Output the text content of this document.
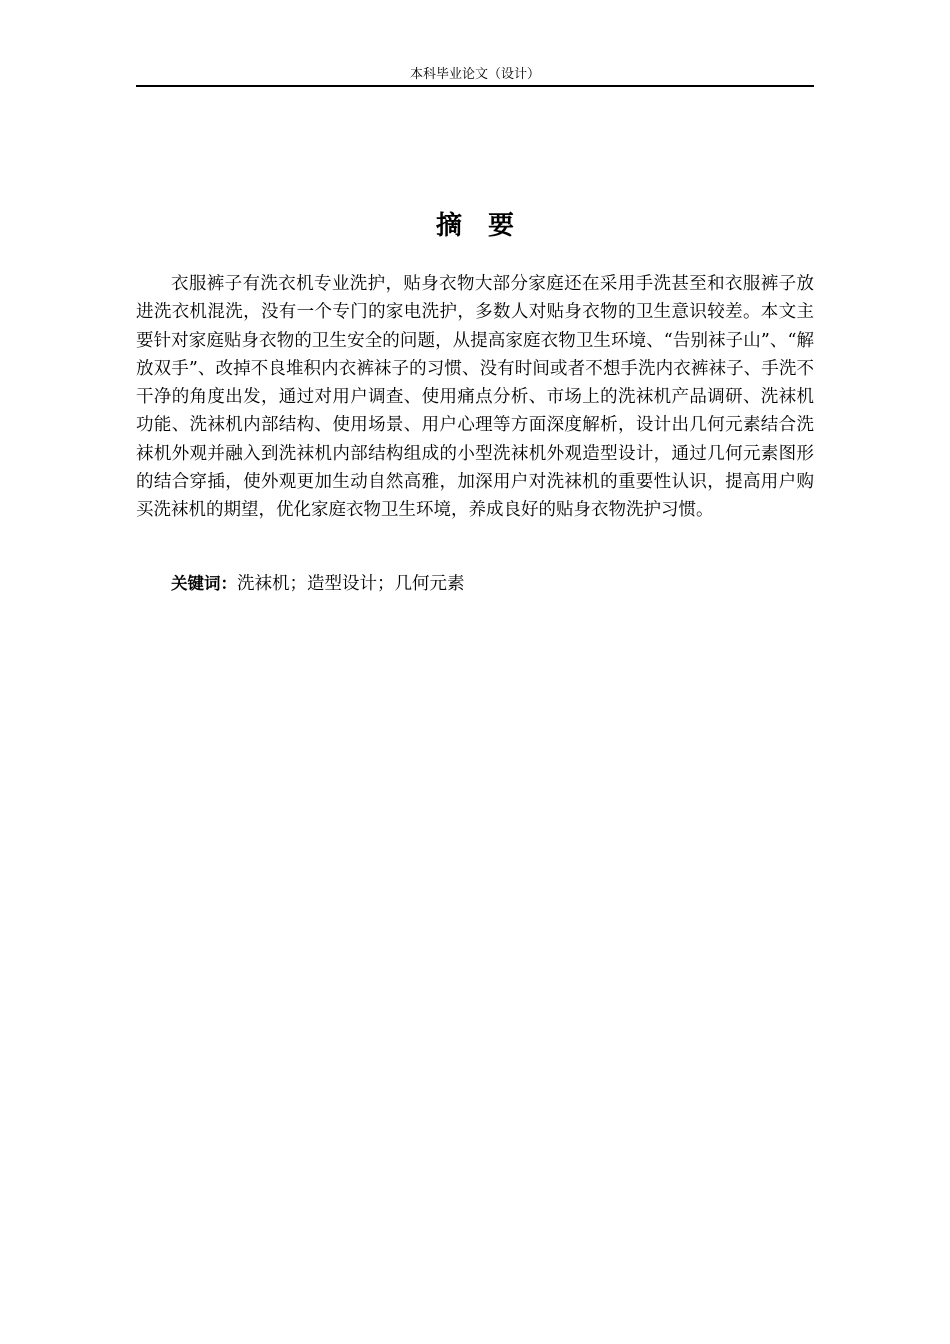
本科毕业论文（设计）
摘　要

衣服裤子有洗衣机专业洗护，贴身衣物大部分家庭还在采用手洗甚至和衣服裤子放进洗衣机混洗，没有一个专门的家电洗护，多数人对贴身衣物的卫生意识较差。本文主要针对家庭贴身衣物的卫生安全的问题，从提高家庭衣物卫生环境、“告别袜子山”、“解放双手”、改掉不良堆积内衣裤袜子的习惯、没有时间或者不想手洗内衣裤袜子、手洗不干净的角度出发，通过对用户调查、使用痛点分析、市场上的洗袜机产品调研、洗袜机功能、洗袜机内部结构、使用场景、用户心理等方面深度解析，设计出几何元素结合洗袜机外观并融入到洗袜机内部结构组成的小型洗袜机外观造型设计，通过几何元素图形的结合穿插，使外观更加生动自然高雅，加深用户对洗袜机的重要性认识，提高用户购买洗袜机的期望，优化家庭衣物卫生环境，养成良好的贴身衣物洗护习惯。

关键词：洗袜机；造型设计；几何元素
